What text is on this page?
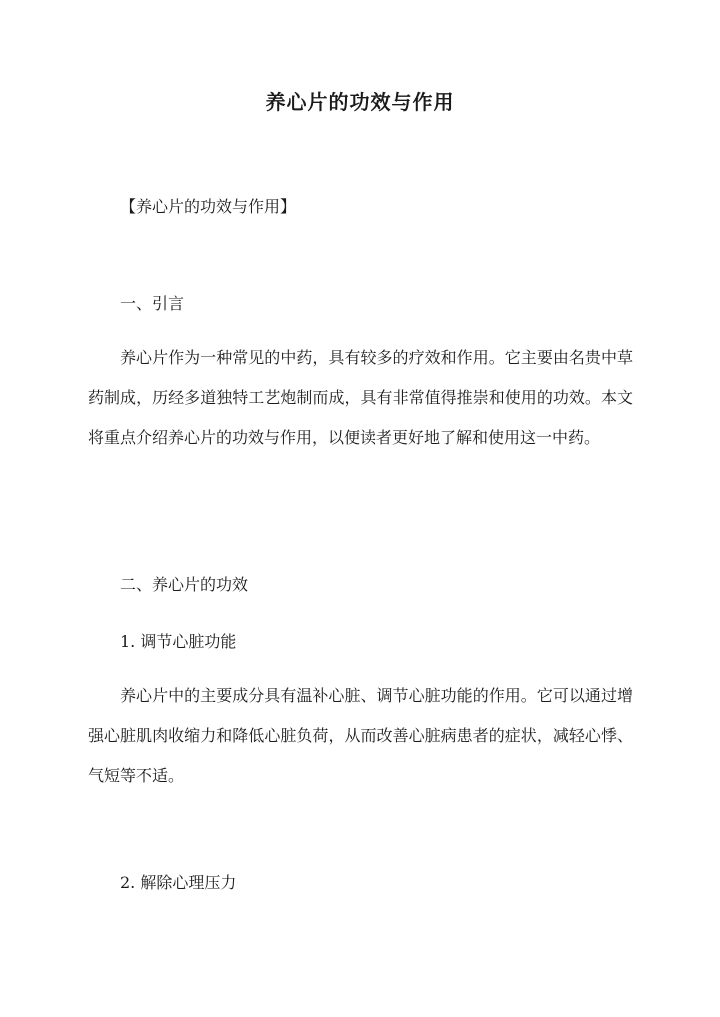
养心片的功效与作用
【养心片的功效与作用】
一、引言
养心片作为一种常见的中药，具有较多的疗效和作用。它主要由名贵中草药制成，历经多道独特工艺炮制而成，具有非常值得推崇和使用的功效。本文将重点介绍养心片的功效与作用，以便读者更好地了解和使用这一中药。
二、养心片的功效
1. 调节心脏功能
养心片中的主要成分具有温补心脏、调节心脏功能的作用。它可以通过增强心脏肌肉收缩力和降低心脏负荷，从而改善心脏病患者的症状，减轻心悸、气短等不适。
2. 解除心理压力
